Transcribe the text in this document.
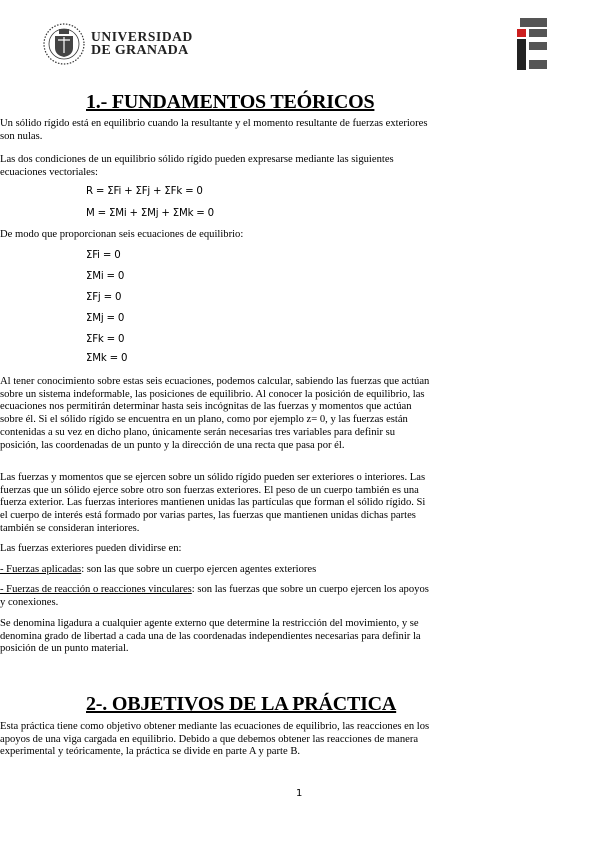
UNIVERSIDAD
DE GRANADA
1.- FUNDAMENTOS TEÓRICOS

Un sólido rígido está en equilibrio cuando la resultante y el momento resultante de fuerzas exteriores son nulas.

Las dos condiciones de un equilibrio sólido rígido pueden expresarse mediante las siguientes ecuaciones vectoriales:

R = ΣFi + ΣFj + ΣFk = 0
M = ΣMi + ΣMj + ΣMk = 0

De modo que proporcionan seis ecuaciones de equilibrio:

ΣFi = 0
ΣMi = 0
ΣFj = 0
ΣMj = 0
ΣFk = 0
ΣMk = 0

Al tener conocimiento sobre estas seis ecuaciones, podemos calcular, sabiendo las fuerzas que actúan sobre un sistema indeformable, las posiciones de equilibrio. Al conocer la posición de equilibrio, las ecuaciones nos permitirán determinar hasta seis incógnitas de las fuerzas y momentos que actúan sobre él. Si el sólido rígido se encuentra en un plano, como por ejemplo z= 0, y las fuerzas están contenidas a su vez en dicho plano, únicamente serán necesarias tres variables para definir su posición, las coordenadas de un punto y la dirección de una recta que pasa por él.

Las fuerzas y momentos que se ejercen sobre un sólido rígido pueden ser exteriores o interiores. Las fuerzas que un sólido ejerce sobre otro son fuerzas exteriores. El peso de un cuerpo también es una fuerza exterior. Las fuerzas interiores mantienen unidas las partículas que forman el sólido rígido. Si el cuerpo de interés está formado por varias partes, las fuerzas que mantienen unidas dichas partes también se consideran interiores.

Las fuerzas exteriores pueden dividirse en:

- Fuerzas aplicadas: son las que sobre un cuerpo ejercen agentes exteriores

- Fuerzas de reacción o reacciones vinculares: son las fuerzas que sobre un cuerpo ejercen los apoyos y conexiones.

Se denomina ligadura a cualquier agente externo que determine la restricción del movimiento, y se denomina grado de libertad a cada una de las coordenadas independientes necesarias para definir la posición de un punto material.

2-. OBJETIVOS DE LA PRÁCTICA

Esta práctica tiene como objetivo obtener mediante las ecuaciones de equilibrio, las reacciones en los apoyos de una viga cargada en equilibrio. Debido a que debemos obtener las reacciones de manera experimental y teóricamente, la práctica se divide en parte A y parte B.

1
